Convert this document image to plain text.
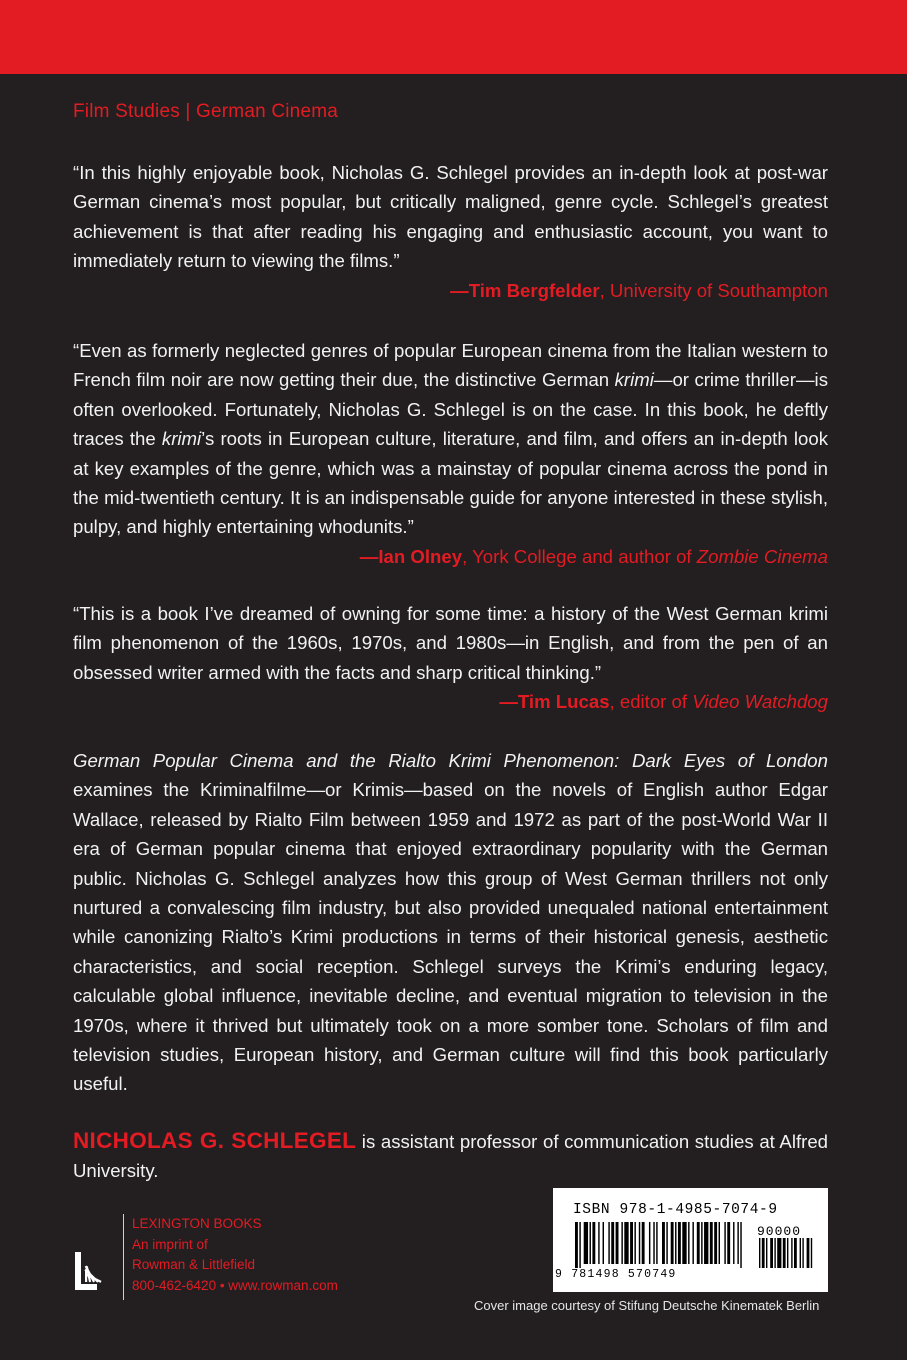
Film Studies | German Cinema
“In this highly enjoyable book, Nicholas G. Schlegel provides an in-depth look at post-war German cinema’s most popular, but critically maligned, genre cycle. Schlegel’s greatest achievement is that after reading his engaging and enthusiastic account, you want to immediately return to viewing the films.”
—Tim Bergfelder, University of Southampton
“Even as formerly neglected genres of popular European cinema from the Italian western to French film noir are now getting their due, the distinctive German krimi—or crime thriller—is often overlooked. Fortunately, Nicholas G. Schlegel is on the case. In this book, he deftly traces the krimi’s roots in European culture, literature, and film, and offers an in-depth look at key examples of the genre, which was a mainstay of popular cinema across the pond in the mid-twentieth century. It is an indispensable guide for anyone interested in these stylish, pulpy, and highly entertaining whodunits.”
—Ian Olney, York College and author of Zombie Cinema
“This is a book I’ve dreamed of owning for some time: a history of the West German krimi film phenomenon of the 1960s, 1970s, and 1980s—in English, and from the pen of an obsessed writer armed with the facts and sharp critical thinking.”
—Tim Lucas, editor of Video Watchdog
German Popular Cinema and the Rialto Krimi Phenomenon: Dark Eyes of London examines the Kriminalfilme—or Krimis—based on the novels of English author Edgar Wallace, released by Rialto Film between 1959 and 1972 as part of the post-World War II era of German popular cinema that enjoyed extraordinary popularity with the German public. Nicholas G. Schlegel analyzes how this group of West German thrillers not only nurtured a convalescing film industry, but also provided unequaled national entertainment while canonizing Rialto’s Krimi productions in terms of their historical genesis, aesthetic characteristics, and social reception. Schlegel surveys the Krimi’s enduring legacy, calculable global influence, inevitable decline, and eventual migration to television in the 1970s, where it thrived but ultimately took on a more somber tone. Scholars of film and television studies, European history, and German culture will find this book particularly useful.
NICHOLAS G. SCHLEGEL is assistant professor of communication studies at Alfred University.
LEXINGTON BOOKS
An imprint of
Rowman & Littlefield
800-462-6420 • www.rowman.com
ISBN 978-1-4985-7074-9
90000
9 781498 570749
Cover image courtesy of Stifung Deutsche Kinematek Berlin
